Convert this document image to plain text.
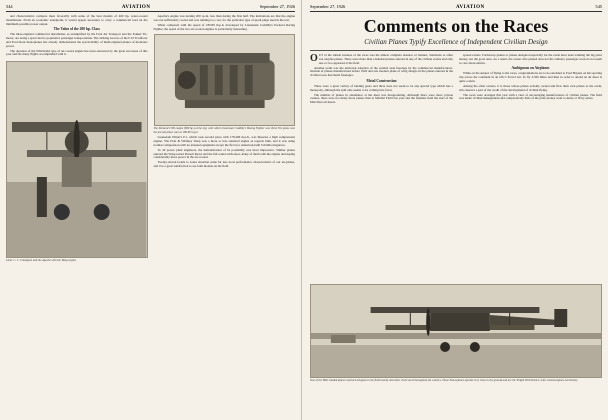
544	AVIATION	September 27, 1926

and characteristics compare most favorably with some of the best models of 400 hp. water-cooled installations. From an economic standpoint, it would appear necessary to carry a commercial load on the minimum possible power output.

The Value of the 200 hp. Class

The three-engined commercial installation, as exemplified by the Ford Air Transport and the Fokker Tri-motor, are doing a great deal to popularize passenger transportation. The striking success of the F.10 Tri-Motor and Ford-Stout monoplanes has already demonstrated the practicability of multi-engined planes of moderate power.

The question of the Whirlwind type of air-cooled engine has been answered by the great successes of this year and the many flights accomplished with it.

Lieut. C. C. Champion and the Apache with the Wasp engine

Apache's engine was turning 200 r.p.m. less than during the first half. The indications are that the engine was not sufficiently cooled and was running too cool, for the particular type of spark plugs used in the test.

When compared with the speed of 180.89 m.p.h. developed by Lieutenant Cuddihy's Packard Racing Fighter, the speed of the two air-cooled engines is particularly interesting.

The Packard 1500 engine (800 hp.) at the top; with which Lieutenant Cuddihy's Boeing Fighter won third. The plane won the pursuit plane race at 180.89 m.p.h.

Lieutenant Elliott's P.1, which took second place with 178.409 m.p.h., was likewise a high compression engine. The Pratt & Whitney Wasp was a more or less standard engine as regards bulk, and it was using normal compression with no unusual equipment except the first two American-built Scintilla magnetos.

To all power plant engineers, the demonstration of its possibility was most impressive. Similar planes entered the Wasp-tested Pursuit Races and the fall round-with-snow, many of them with the engine developing considerably more power in the air-cooled.

Twenty-eleven bonds to Jones situation some far less local performance characteristics of our air-planes, and it is a great satisfaction to see both models on the field.

September 27, 1926	AVIATION	545
Comments on the Races
Civilian Planes Typify Excellence of Independent Civilian Design

OUT of the salient features of the races was the almost complete absence of Jennies, Standards or other war surplus planes. There were more than a hundred planes entered in any of the civilian events and only one or two appeared at the field.

Another point was the universal adoption of the welded steel fuselage by the commercial manufacturers. Outside of planes manufactured before 1920 and one modern plane of wing design all the planes entered in the civilian races had metal fuselages.

Metal Construction

There were a great variety of landing gears and there does not seem to be any special type which has a monopoly, although the split axle seems to be coming into favor.

The number of planes in attendance at the meet was disappointing. Although there were more private owners, there were not many more planes than at Mitchel Field last year and the smallest field the start of the Mid-West air meets.

spread events. Tricked up planes or planes designed especially for the event have been winning the big prize money, not the good ones. As a result, the owner who piloted does not his ordinary passenger work do not seem to care about entries.

Ambiguous on Airplanes

While on the subject of flying to the races, congratulations are to be extended to Fred Haynes on his sporting trip across the continent in an OX-5 Travel Air. To fly 2,500 miles and then in order to attend an air meet is quite a stunt.

Among the other owners, it is those whose planes actually owned and flew their own planes to the event, who deserve a part of the credit of the development of civilian flying.

The races were arranged this year with a view of encouraging manufacturers of civilian planes. The field was under civilian management and comparatively little of the prize money went to Army or Navy pilots.

One of the Hall Guided planes used at Lexington in the field nearby and other street most throughout the country. These Stout planes operate very close to the ground and are the Wright Whirlwind J-4 Air cooled engines exclusively.
